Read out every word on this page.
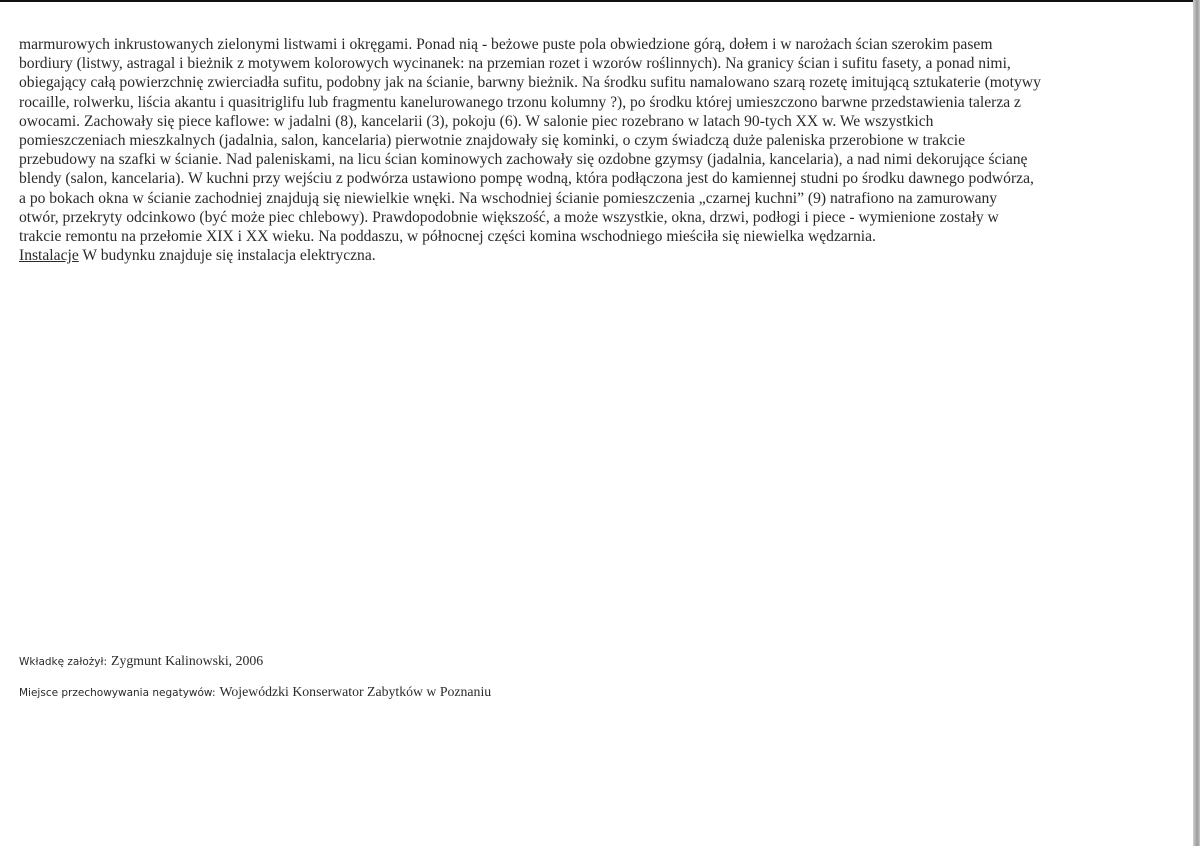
marmurowych inkrustowanych zielonymi listwami i okręgami. Ponad nią - beżowe puste pola obwiedzione górą, dołem i w narożach ścian szerokim pasem
bordiury (listwy, astragal i bieżnik z motywem kolorowych wycinanek: na przemian rozet i wzorów roślinnych). Na granicy ścian i sufitu fasety, a ponad nimi,
obiegający całą powierzchnię zwierciadła sufitu, podobny jak na ścianie, barwny bieżnik. Na środku sufitu namalowano szarą rozetę imitującą sztukaterie (motywy
rocaille, rolwerku, liścia akantu i quasitriglifu lub fragmentu kanelurowanego trzonu kolumny ?), po środku której umieszczono barwne przedstawienia talerza z
owocami. Zachowały się piece kaflowe: w jadalni (8), kancelarii (3), pokoju (6). W salonie piec rozebrano w latach 90-tych XX w. We wszystkich
pomieszczeniach mieszkalnych (jadalnia, salon, kancelaria) pierwotnie znajdowały się kominki, o czym świadczą duże paleniska przerobione w trakcie
przebudowy na szafki w ścianie. Nad paleniskami, na licu ścian kominowych zachowały się ozdobne gzymsy (jadalnia, kancelaria), a nad nimi dekorujące ścianę
blendy (salon, kancelaria). W kuchni przy wejściu z podwórza ustawiono pompę wodną, która podłączona jest do kamiennej studni po środku dawnego podwórza,
a po bokach okna w ścianie zachodniej znajdują się niewielkie wnęki. Na wschodniej ścianie pomieszczenia „czarnej kuchni” (9) natrafiono na zamurowany
otwór, przekryty odcinkowo (być może piec chlebowy). Prawdopodobnie większość, a może wszystkie, okna, drzwi, podłogi i piece - wymienione zostały w
trakcie remontu na przełomie XIX i XX wieku. Na poddaszu, w północnej części komina wschodniego mieściła się niewielka wędzarnia.
Instalacje W budynku znajduje się instalacja elektryczna.
Wkładkę założył: Zygmunt Kalinowski, 2006
Miejsce przechowywania negatywów: Wojewódzki Konserwator Zabytków w Poznaniu
